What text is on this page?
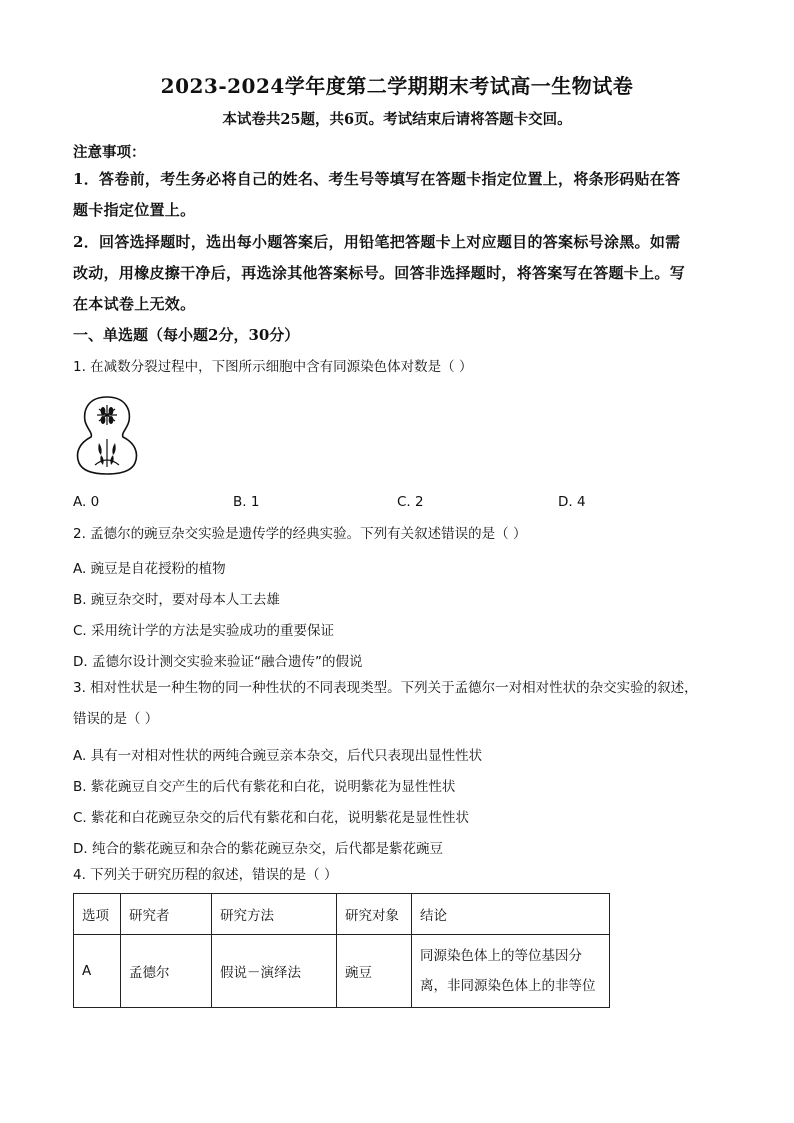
2023-2024学年度第二学期期末考试高一生物试卷
本试卷共25题，共6页。考试结束后请将答题卡交回。
注意事项：
1．答卷前，考生务必将自己的姓名、考生号等填写在答题卡指定位置上，将条形码贴在答
题卡指定位置上。
2．回答选择题时，选出每小题答案后，用铅笔把答题卡上对应题目的答案标号涂黑。如需
改动，用橡皮擦干净后，再选涂其他答案标号。回答非选择题时，将答案写在答题卡上。写
在本试卷上无效。
一、单选题（每小题2分，30分）
1. 在减数分裂过程中，下图所示细胞中含有同源染色体对数是（ ）
A. 0	B. 1	C. 2	D. 4
2. 孟德尔的豌豆杂交实验是遗传学的经典实验。下列有关叙述错误的是（ ）
A. 豌豆是自花授粉的植物
B. 豌豆杂交时，要对母本人工去雄
C. 采用统计学的方法是实验成功的重要保证
D. 孟德尔设计测交实验来验证“融合遗传”的假说
3. 相对性状是一种生物的同一种性状的不同表现类型。下列关于孟德尔一对相对性状的杂交实验的叙述，
错误的是（ ）
A. 具有一对相对性状的两纯合豌豆亲本杂交，后代只表现出显性性状
B. 紫花豌豆自交产生的后代有紫花和白花，说明紫花为显性性状
C. 紫花和白花豌豆杂交的后代有紫花和白花，说明紫花是显性性状
D. 纯合的紫花豌豆和杂合的紫花豌豆杂交，后代都是紫花豌豆
4. 下列关于研究历程的叙述，错误的是（ ）
选项	研究者	研究方法	研究对象	结论
A	孟德尔	假说－演绎法	豌豆	同源染色体上的等位基因分
离，非同源染色体上的非等位
